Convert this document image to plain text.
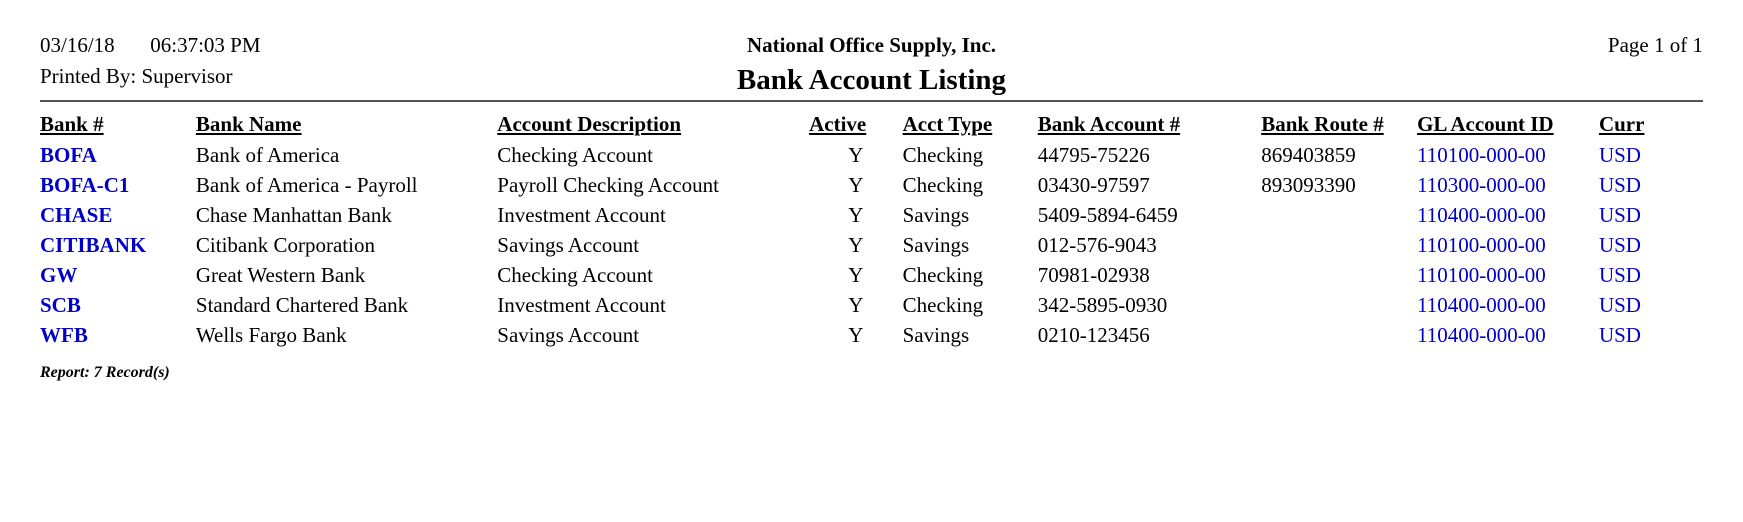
03/16/18 06:37:03 PM
Printed By: Supervisor
National Office Supply, Inc.
Bank Account Listing
Page 1 of 1
Bank #	Bank Name	Account Description	Active	Acct Type	Bank Account #	Bank Route #	GL Account ID	Curr
BOFA	Bank of America	Checking Account	Y	Checking	44795-75226	869403859	110100-000-00	USD
BOFA-C1	Bank of America - Payroll	Payroll Checking Account	Y	Checking	03430-97597	893093390	110300-000-00	USD
CHASE	Chase Manhattan Bank	Investment Account	Y	Savings	5409-5894-6459		110400-000-00	USD
CITIBANK	Citibank Corporation	Savings Account	Y	Savings	012-576-9043		110100-000-00	USD
GW	Great Western Bank	Checking Account	Y	Checking	70981-02938		110100-000-00	USD
SCB	Standard Chartered Bank	Investment Account	Y	Checking	342-5895-0930		110400-000-00	USD
WFB	Wells Fargo Bank	Savings Account	Y	Savings	0210-123456		110400-000-00	USD
Report: 7 Record(s)
